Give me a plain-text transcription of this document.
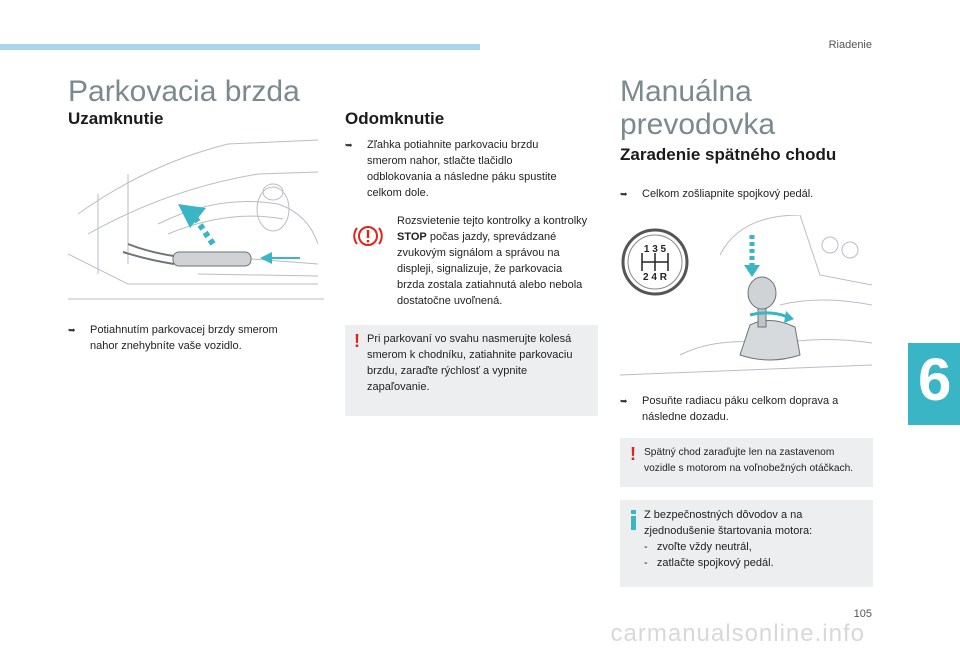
Riadenie
Parkovacia brzda
Uzamknutie
➥	Potiahnutím parkovacej brzdy smerom nahor znehybníte vaše vozidlo.
Odomknutie
➥	Zľahka potiahnite parkovaciu brzdu smerom nahor, stlačte tlačidlo odblokovania a následne páku spustite celkom dole.
Rozsvietenie tejto kontrolky a kontrolky STOP počas jazdy, sprevádzané zvukovým signálom a správou na displeji, signalizuje, že parkovacia brzda zostala zatiahnutá alebo nebola dostatočne uvoľnená.
! Pri parkovaní vo svahu nasmerujte kolesá smerom k chodníku, zatiahnite parkovaciu brzdu, zaraďte rýchlosť a vypnite zapaľovanie.
Manuálna
prevodovka
Zaradenie spätného chodu
➥	Celkom zošliapnite spojkový pedál.
1 3 5
2 4 R
➥	Posuňte radiacu páku celkom doprava a následne dozadu.
! Spätný chod zaraďujte len na zastavenom vozidle s motorom na voľnobežných otáčkach.
Z bezpečnostných dôvodov a na zjednodušenie štartovania motora:
-   zvoľte vždy neutrál,
-   zatlačte spojkový pedál.
6
105
carmanualsonline.info
